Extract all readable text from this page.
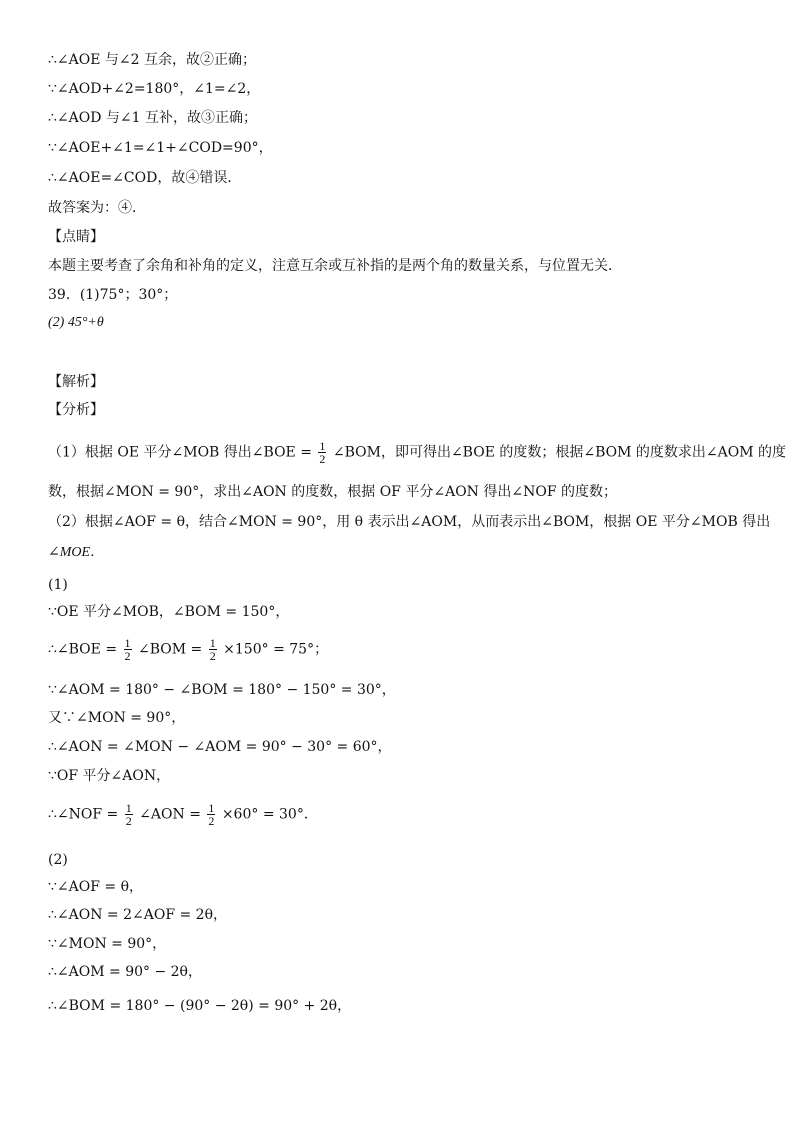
∴∠AOE 与∠2 互余，故②正确；
∵∠AOD+∠2=180°，∠1=∠2，
∴∠AOD 与∠1 互补，故③正确；
∵∠AOE+∠1=∠1+∠COD=90°，
∴∠AOE=∠COD，故④错误．
故答案为：④．
【点睛】
本题主要考查了余角和补角的定义，注意互余或互补指的是两个角的数量关系，与位置无关．
39．(1)75°；30°；
(2) 45°+θ
【解析】
【分析】
（1）根据 OE 平分∠MOB 得出∠BOE = $\frac{1}{2}$ ∠BOM，即可得出∠BOE 的度数；根据∠BOM 的度数求出∠AOM 的度
数，根据∠MON = 90°，求出∠AON 的度数，根据 OF 平分∠AON 得出∠NOF 的度数；
（2）根据∠AOF = θ，结合∠MON = 90°，用 θ 表示出∠AOM，从而表示出∠BOM，根据 OE 平分∠MOB 得出
∠MOE．
(1)
∵OE 平分∠MOB，∠BOM = 150°，
∴∠BOE = $\frac{1}{2}$ ∠BOM = $\frac{1}{2} \times 150^\circ = 75^\circ$；
∵∠AOM = 180° − ∠BOM = 180° − 150° = 30°，
又∵∠MON = 90°，
∴∠AON = ∠MON − ∠AOM = 90° − 30° = 60°，
∵OF 平分∠AON，
∴∠NOF = $\frac{1}{2}$ ∠AON = $\frac{1}{2} \times 60^\circ = 30^\circ$．
(2)
∵∠AOF = θ，
∴∠AON = 2∠AOF = 2θ，
∵∠MON = 90°，
∴∠AOM = 90° − 2θ，
∴∠BOM = 180° − (90° − 2θ) = 90° + 2θ，
